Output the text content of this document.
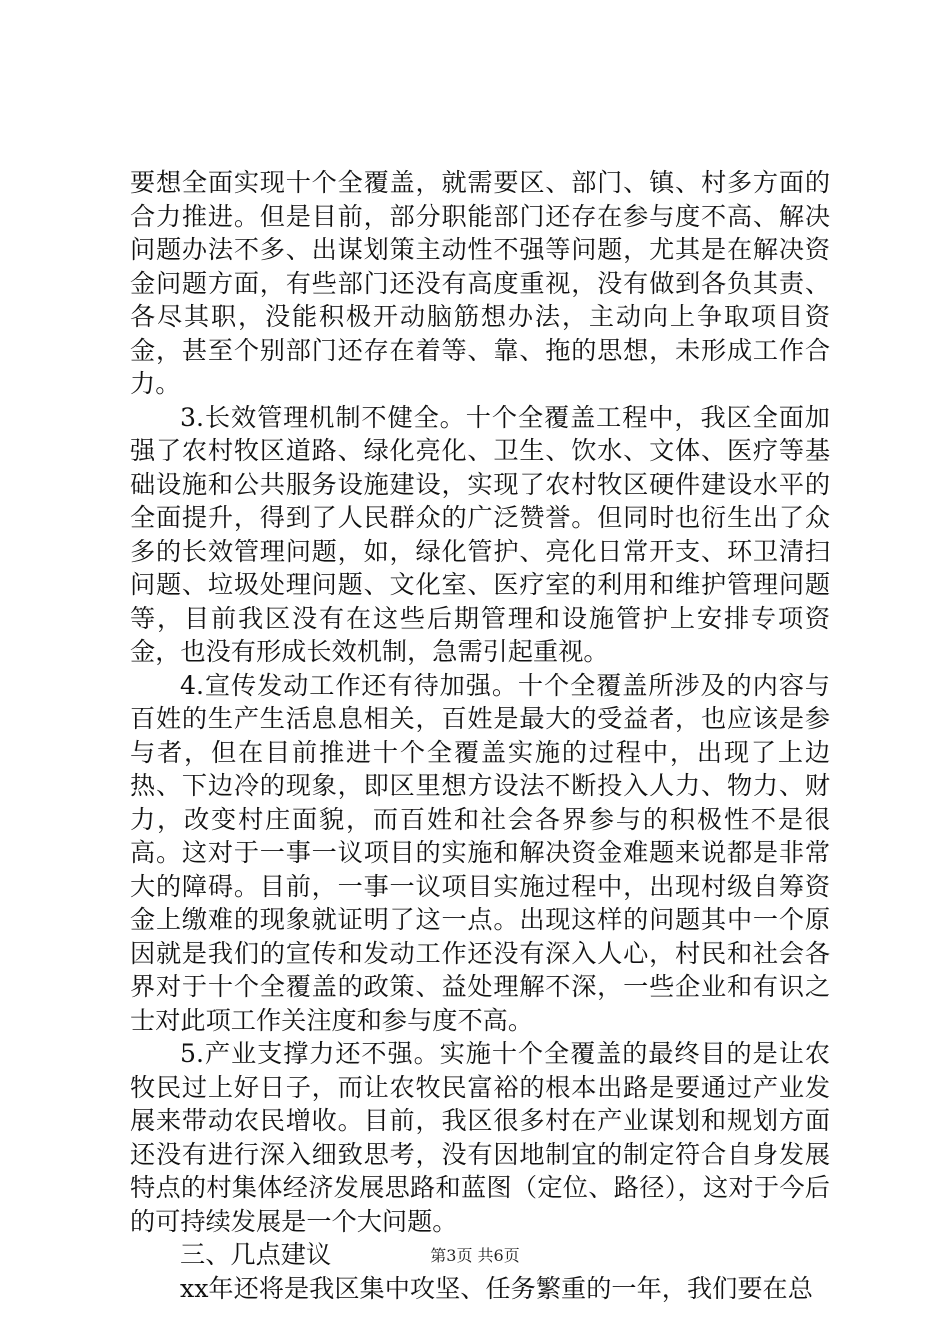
要想全面实现十个全覆盖，就需要区、部门、镇、村多方面的合力推进。但是目前，部分职能部门还存在参与度不高、解决问题办法不多、出谋划策主动性不强等问题，尤其是在解决资金问题方面，有些部门还没有高度重视，没有做到各负其责、各尽其职，没能积极开动脑筋想办法，主动向上争取项目资金，甚至个别部门还存在着等、靠、拖的思想，未形成工作合力。

3.长效管理机制不健全。十个全覆盖工程中，我区全面加强了农村牧区道路、绿化亮化、卫生、饮水、文体、医疗等基础设施和公共服务设施建设，实现了农村牧区硬件建设水平的全面提升，得到了人民群众的广泛赞誉。但同时也衍生出了众多的长效管理问题，如，绿化管护、亮化日常开支、环卫清扫问题、垃圾处理问题、文化室、医疗室的利用和维护管理问题等，目前我区没有在这些后期管理和设施管护上安排专项资金，也没有形成长效机制，急需引起重视。

4.宣传发动工作还有待加强。十个全覆盖所涉及的内容与百姓的生产生活息息相关，百姓是最大的受益者，也应该是参与者，但在目前推进十个全覆盖实施的过程中，出现了上边热、下边冷的现象，即区里想方设法不断投入人力、物力、财力，改变村庄面貌，而百姓和社会各界参与的积极性不是很高。这对于一事一议项目的实施和解决资金难题来说都是非常大的障碍。目前，一事一议项目实施过程中，出现村级自筹资金上缴难的现象就证明了这一点。出现这样的问题其中一个原因就是我们的宣传和发动工作还没有深入人心，村民和社会各界对于十个全覆盖的政策、益处理解不深，一些企业和有识之士对此项工作关注度和参与度不高。

5.产业支撑力还不强。实施十个全覆盖的最终目的是让农牧民过上好日子，而让农牧民富裕的根本出路是要通过产业发展来带动农民增收。目前，我区很多村在产业谋划和规划方面还没有进行深入细致思考，没有因地制宜的制定符合自身发展特点的村集体经济发展思路和蓝图（定位、路径），这对于今后的可持续发展是一个大问题。

三、几点建议

xx年还将是我区集中攻坚、任务繁重的一年，我们要在总

第3页 共6页
